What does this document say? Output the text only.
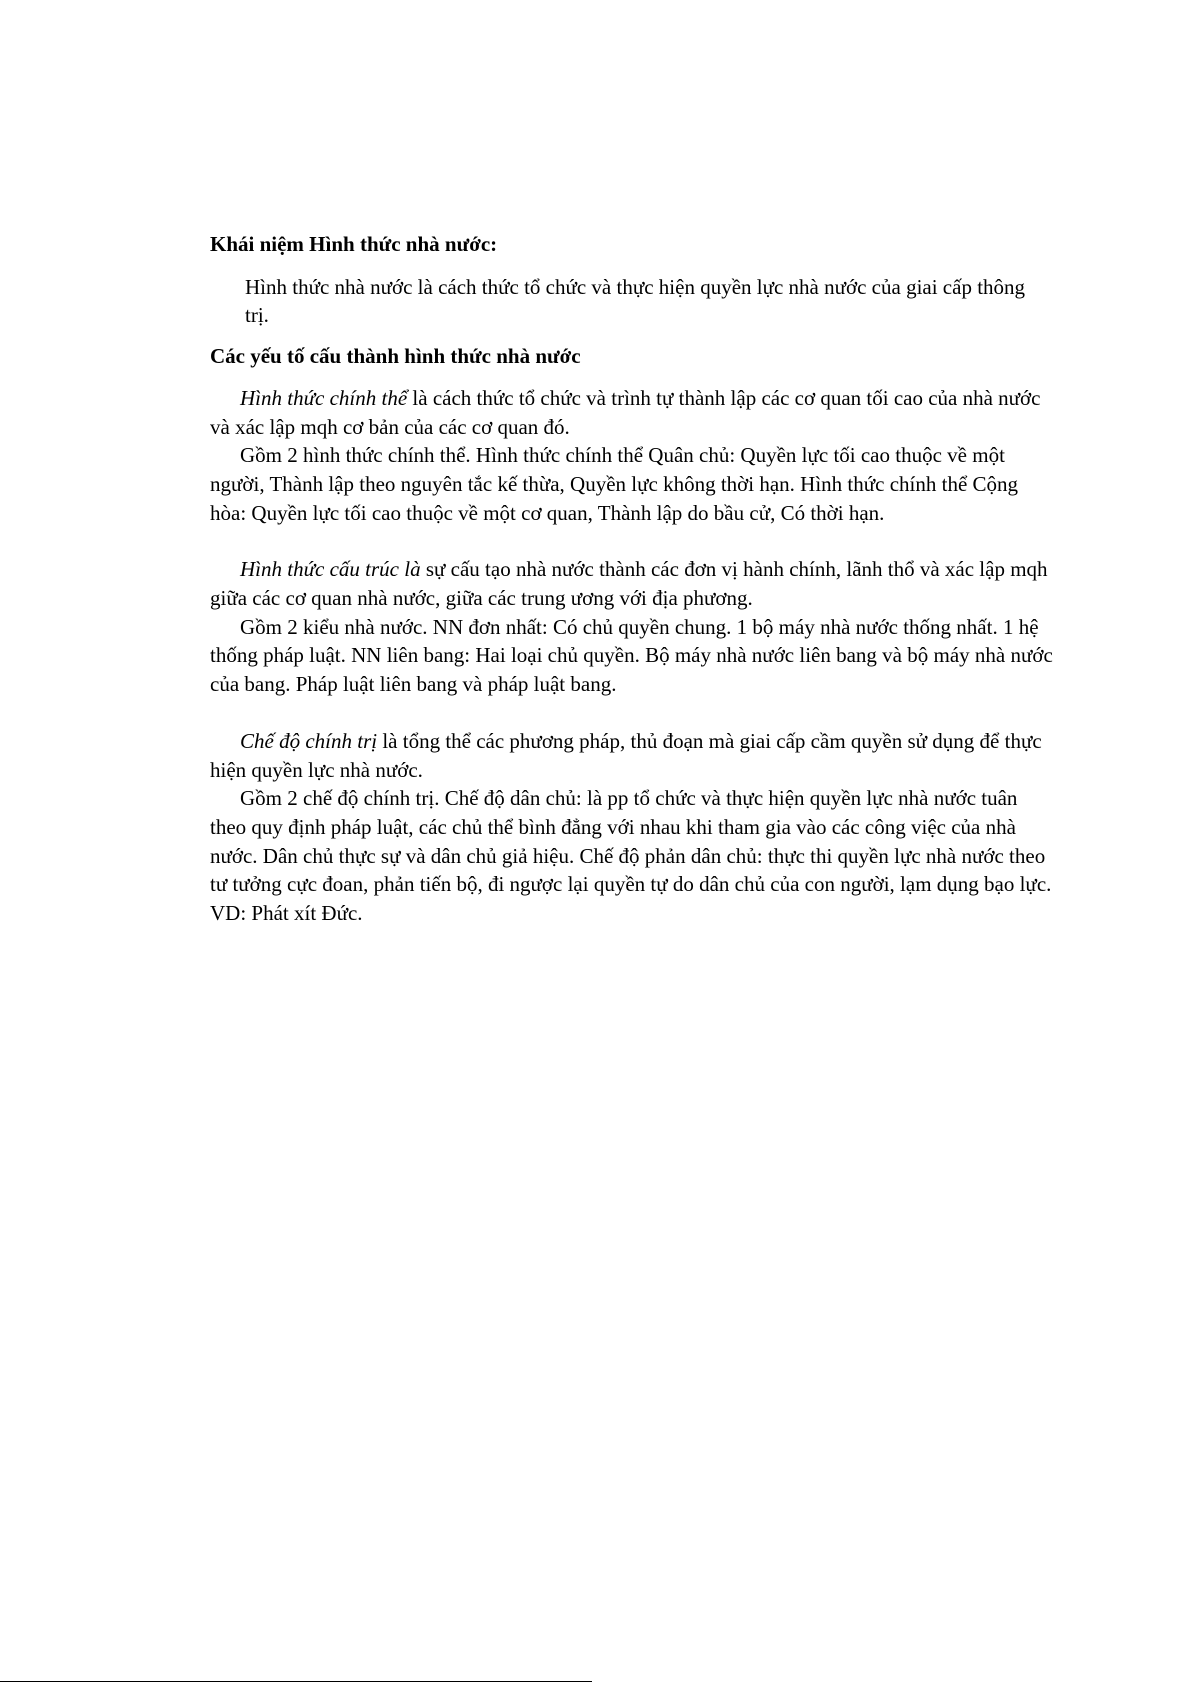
Khái niệm Hình thức nhà nước:

Hình thức nhà nước là cách thức tổ chức và thực hiện quyền lực nhà nước của giai cấp thông trị.

Các yếu tố cấu thành hình thức nhà nước

Hình thức chính thể là cách thức tổ chức và trình tự thành lập các cơ quan tối cao của nhà nước và xác lập mqh cơ bản của các cơ quan đó.

Gồm 2 hình thức chính thể. Hình thức chính thể Quân chủ: Quyền lực tối cao thuộc về một người, Thành lập theo nguyên tắc kế thừa, Quyền lực không thời hạn. Hình thức chính thể Cộng hòa: Quyền lực tối cao thuộc về một cơ quan, Thành lập do bầu cử, Có thời hạn.

Hình thức cấu trúc là sự cấu tạo nhà nước thành các đơn vị hành chính, lãnh thổ và xác lập mqh giữa các cơ quan nhà nước, giữa các trung ương với địa phương.

Gồm 2 kiểu nhà nước. NN đơn nhất: Có chủ quyền chung. 1 bộ máy nhà nước thống nhất. 1 hệ thống pháp luật. NN liên bang: Hai loại chủ quyền. Bộ máy nhà nước liên bang và bộ máy nhà nước của bang. Pháp luật liên bang và pháp luật bang.

Chế độ chính trị là tổng thể các phương pháp, thủ đoạn mà giai cấp cầm quyền sử dụng để thực hiện quyền lực nhà nước.

Gồm 2 chế độ chính trị. Chế độ dân chủ: là pp tổ chức và thực hiện quyền lực nhà nước tuân theo quy định pháp luật, các chủ thể bình đẳng với nhau khi tham gia vào các công việc của nhà nước. Dân chủ thực sự và dân chủ giả hiệu. Chế độ phản dân chủ: thực thi quyền lực nhà nước theo tư tưởng cực đoan, phản tiến bộ, đi ngược lại quyền tự do dân chủ của con người, lạm dụng bạo lực. VD: Phát xít Đức.
